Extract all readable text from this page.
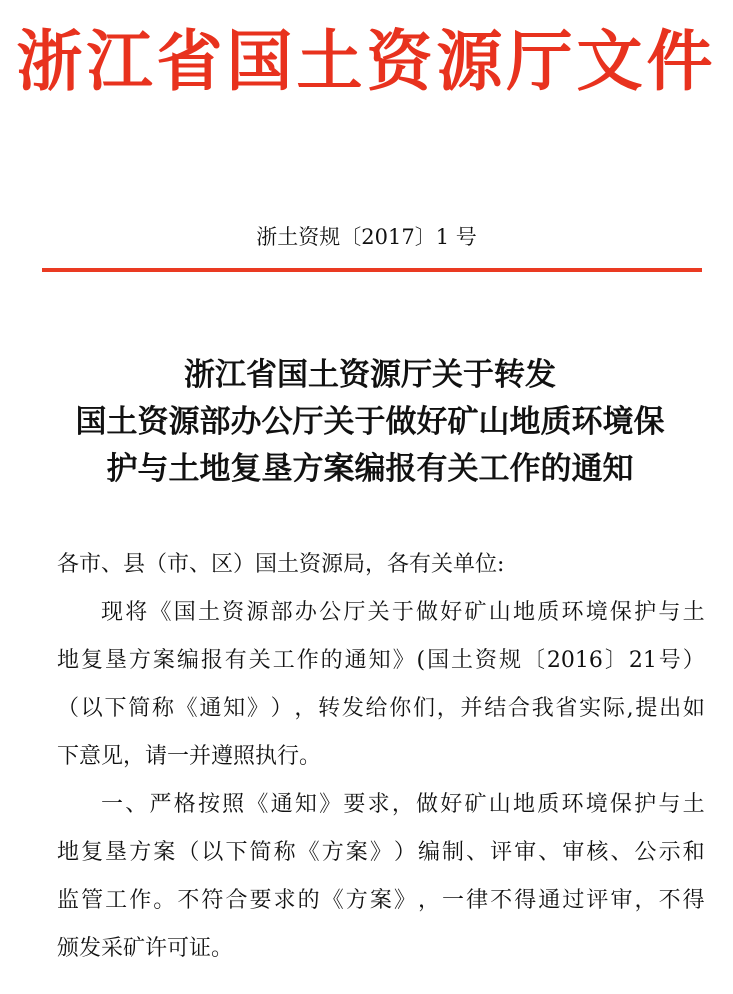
浙江省国土资源厅文件
浙土资规〔2017〕1 号
浙江省国土资源厅关于转发
国土资源部办公厅关于做好矿山地质环境保
护与土地复垦方案编报有关工作的通知
各市、县（市、区）国土资源局，各有关单位:
现 将 《 国 土 资 源 部 办 公 厅 关 于 做 好 矿 山 地 质 环 境 保 护 与 土
地 复 垦 方 案 编 报 有 关 工 作 的 通 知 》 ( 国 土 资 规 〔 2016 〕 21 号 ）
（ 以 下 简 称 《 通 知 》 ） ， 转 发 给 你 们 ， 并 结 合 我 省 实 际 , 提 出 如
下意见，请一并遵照执行。
一 、 严 格 按 照 《 通 知 》 要 求 ， 做 好 矿 山 地 质 环 境 保 护 与 土
地 复 垦 方 案 （ 以 下 简 称 《 方 案 》 ） 编 制 、 评 审 、 审 核 、 公 示 和
监 管 工 作 。 不 符 合 要 求 的 《 方 案 》 ， 一 律 不 得 通 过 评 审 ， 不 得
颁发采矿许可证。
